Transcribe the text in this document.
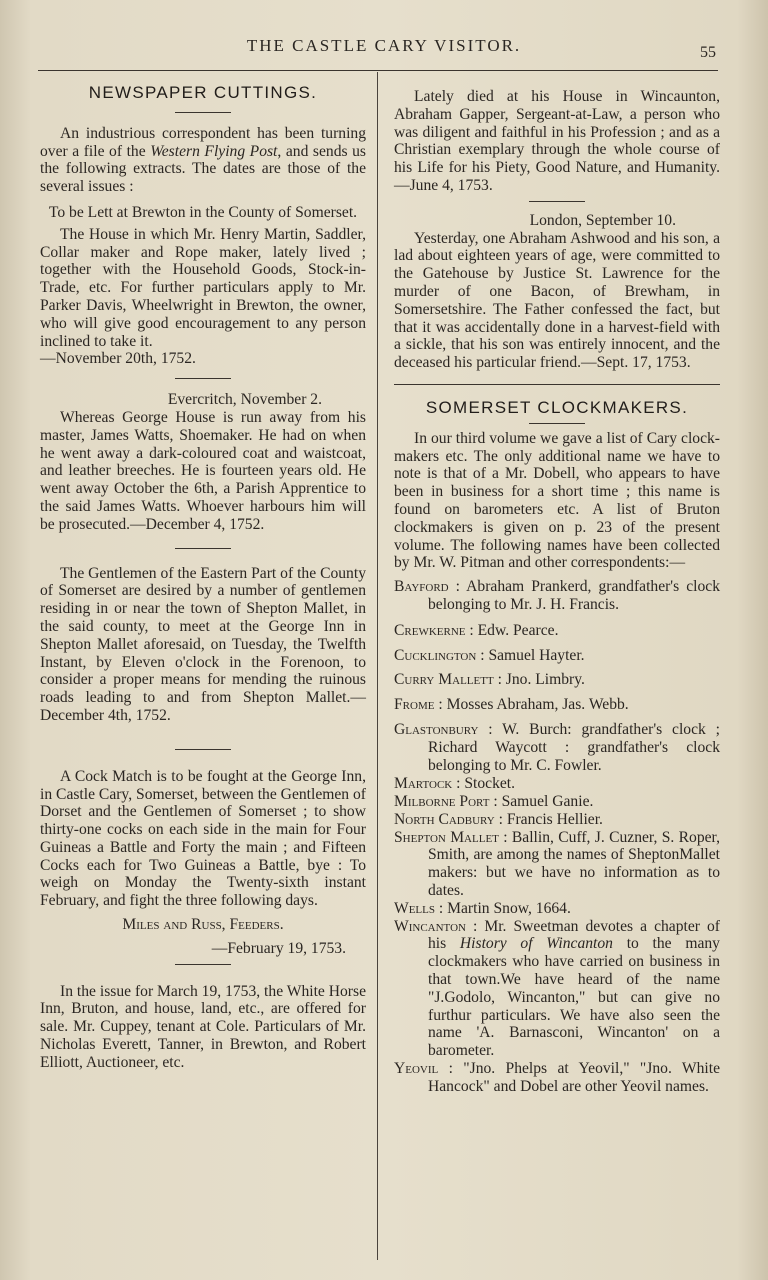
THE CASTLE CARY VISITOR.	55
NEWSPAPER CUTTINGS.

An industrious correspondent has been turning over a file of the Western Flying Post, and sends us the following extracts. The dates are those of the several issues :

To be Lett at Brewton in the County of Somerset.

The House in which Mr. Henry Martin, Saddler, Collar maker and Rope maker, lately lived ; together with the Household Goods, Stock-in-Trade, etc. For further particulars apply to Mr. Parker Davis, Wheelwright in Brewton, the owner, who will give good encouragement to any person inclined to take it.

—November 20th, 1752.

Evercritch, November 2.

Whereas George House is run away from his master, James Watts, Shoemaker. He had on when he went away a dark-coloured coat and waistcoat, and leather breeches. He is fourteen years old. He went away October the 6th, a Parish Apprentice to the said James Watts. Whoever harbours him will be prosecuted.—December 4, 1752.

The Gentlemen of the Eastern Part of the County of Somerset are desired by a number of gentlemen residing in or near the town of Shepton Mallet, in the said county, to meet at the George Inn in Shepton Mallet aforesaid, on Tuesday, the Twelfth Instant, by Eleven o'clock in the Forenoon, to consider a proper means for mending the ruinous roads leading to and from Shepton Mallet.— December 4th, 1752.

A Cock Match is to be fought at the George Inn, in Castle Cary, Somerset, between the Gentlemen of Dorset and the Gentlemen of Somerset ; to show thirty-one cocks on each side in the main for Four Guineas a Battle and Forty the main ; and Fifteen Cocks each for Two Guineas a Battle, bye : To weigh on Monday the Twenty-sixth instant February, and fight the three following days.

Miles and Russ, Feeders.

—February 19, 1753.

In the issue for March 19, 1753, the White Horse Inn, Bruton, and house, land, etc., are offered for sale. Mr. Cuppey, tenant at Cole. Particulars of Mr. Nicholas Everett, Tanner, in Brewton, and Robert Elliott, Auctioneer, etc.

Lately died at his House in Wincaunton, Abraham Gapper, Sergeant-at-Law, a person who was diligent and faithful in his Profession ; and as a Christian exemplary through the whole course of his Life for his Piety, Good Nature, and Humanity.—June 4, 1753.

London, September 10.

Yesterday, one Abraham Ashwood and his son, a lad about eighteen years of age, were committed to the Gatehouse by Justice St. Lawrence for the murder of one Bacon, of Brewham, in Somersetshire. The Father confessed the fact, but that it was accidentally done in a harvest-field with a sickle, that his son was entirely innocent, and the deceased his particular friend.—Sept. 17, 1753.

SOMERSET CLOCKMAKERS.

In our third volume we gave a list of Cary clock-makers etc. The only additional name we have to note is that of a Mr. Dobell, who appears to have been in business for a short time ; this name is found on barometers etc. A list of Bruton clockmakers is given on p. 23 of the present volume. The following names have been collected by Mr. W. Pitman and other correspondents:—

Bayford : Abraham Prankerd, grandfather's clock belonging to Mr. J. H. Francis.

Crewkerne : Edw. Pearce.

Cucklington : Samuel Hayter.

Curry Mallett : Jno. Limbry.

Frome : Mosses Abraham, Jas. Webb.

Glastonbury : W. Burch: grandfather's clock ; Richard Waycott : grandfather's clock belonging to Mr. C. Fowler.

Martock : Stocket.

Milborne Port : Samuel Ganie.

North Cadbury : Francis Hellier.

Shepton Mallet : Ballin, Cuff, J. Cuzner, S. Roper, Smith, are among the names of SheptonMallet makers: but we have no information as to dates.

Wells : Martin Snow, 1664.

Wincanton : Mr. Sweetman devotes a chapter of his History of Wincanton to the many clockmakers who have carried on business in that town.We have heard of the name "J.Godolo, Wincanton," but can give no furthur particulars. We have also seen the name 'A. Barnasconi, Wincanton' on a barometer.

Yeovil : "Jno. Phelps at Yeovil," "Jno. White Hancock" and Dobel are other Yeovil names.
